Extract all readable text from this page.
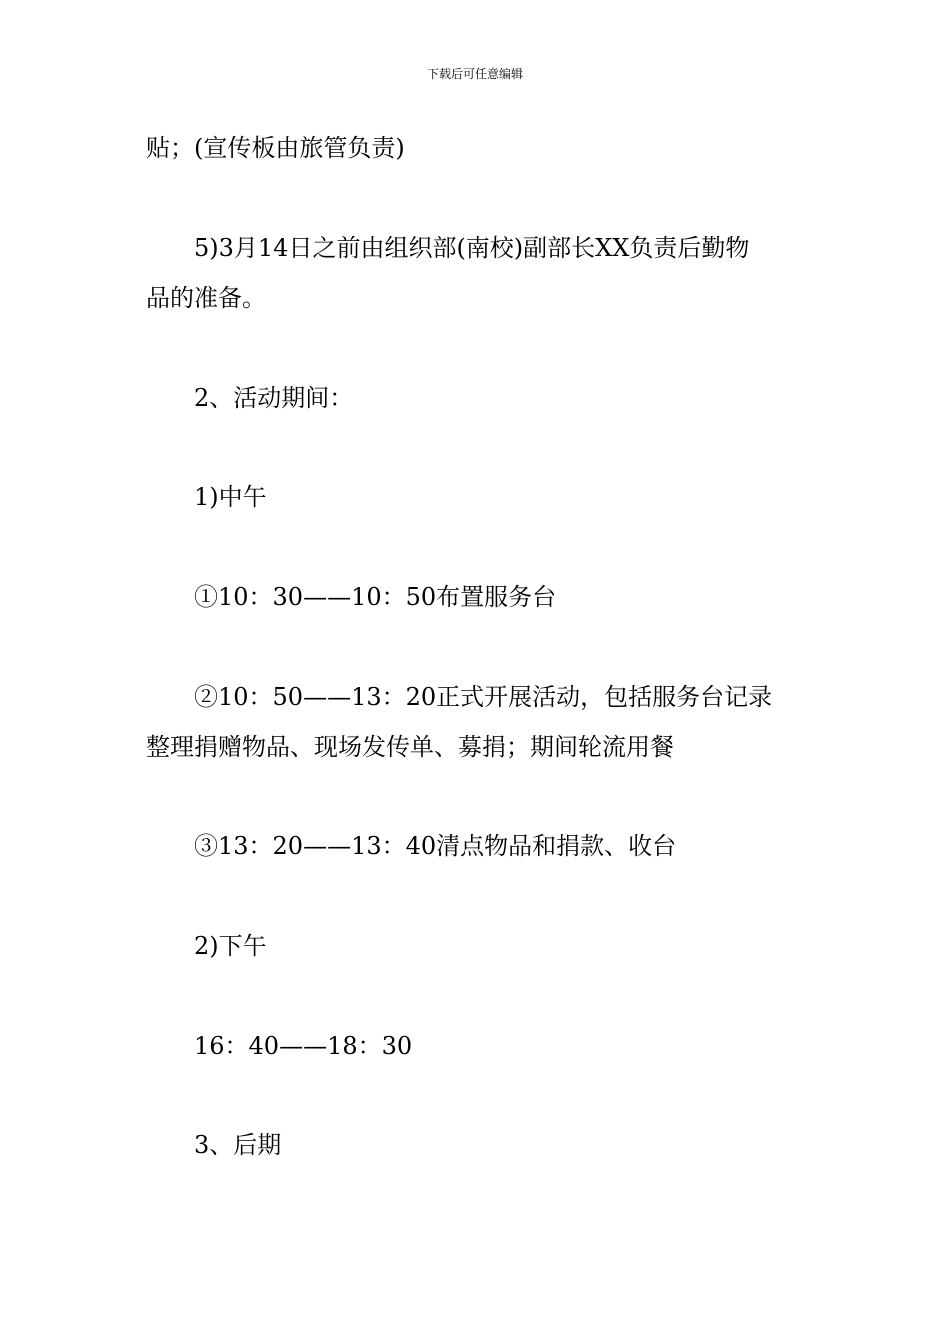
下载后可任意编辑
贴；(宣传板由旅管负责)
5)3月14日之前由组织部(南校)副部长XX负责后勤物
品的准备。
2、活动期间：
1)中午
①10：30——10：50布置服务台
②10：50——13：20正式开展活动，包括服务台记录
整理捐赠物品、现场发传单、募捐；期间轮流用餐
③13：20——13：40清点物品和捐款、收台
2)下午
16：40——18：30
3、后期
